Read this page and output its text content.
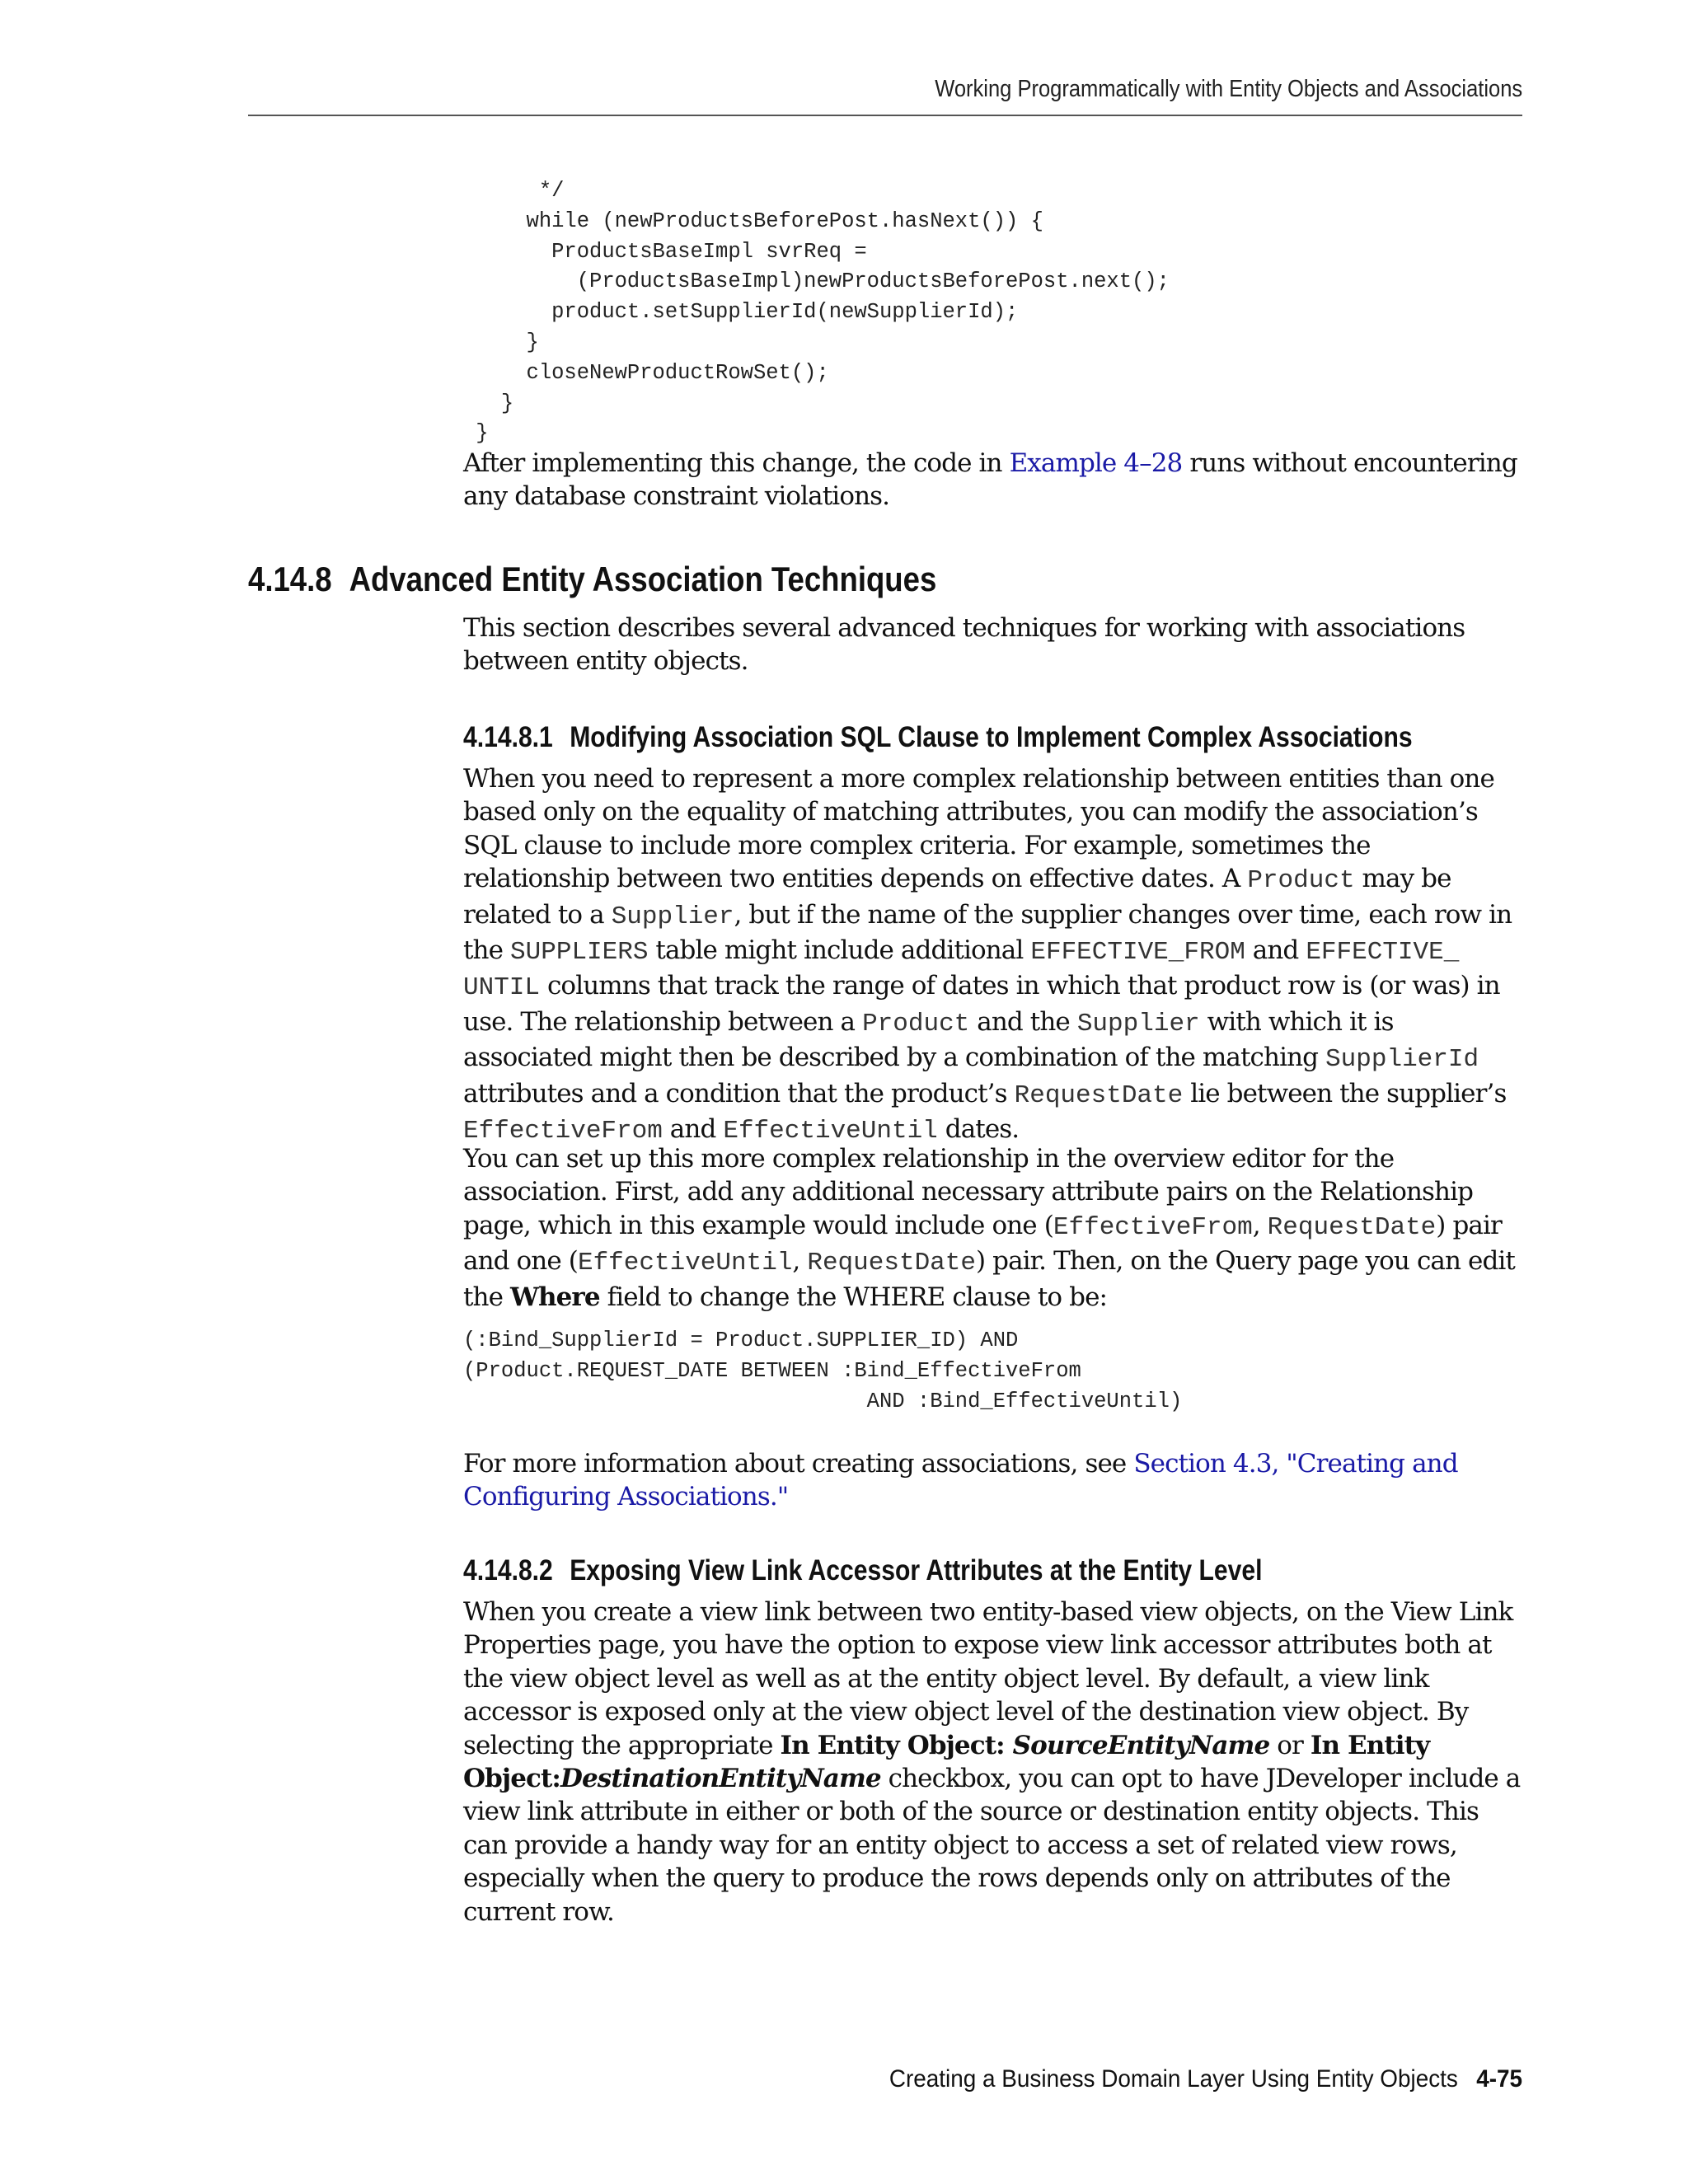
Working Programmatically with Entity Objects and Associations
*/
while (newProductsBeforePost.hasNext()) {
ProductsBaseImpl svrReq =
(ProductsBaseImpl)newProductsBeforePost.next();
product.setSupplierId(newSupplierId);
}
closeNewProductRowSet();
}
}

After implementing this change, the code in Example 4–28 runs without encountering any database constraint violations.

4.14.8 Advanced Entity Association Techniques

This section describes several advanced techniques for working with associations between entity objects.

4.14.8.1 Modifying Association SQL Clause to Implement Complex Associations

When you need to represent a more complex relationship between entities than one based only on the equality of matching attributes, you can modify the association’s SQL clause to include more complex criteria. For example, sometimes the relationship between two entities depends on effective dates. A Product may be related to a Supplier, but if the name of the supplier changes over time, each row in the SUPPLIERS table might include additional EFFECTIVE_FROM and EFFECTIVE_
UNTIL columns that track the range of dates in which that product row is (or was) in use. The relationship between a Product and the Supplier with which it is associated might then be described by a combination of the matching SupplierId attributes and a condition that the product’s RequestDate lie between the supplier’s EffectiveFrom and EffectiveUntil dates.

You can set up this more complex relationship in the overview editor for the association. First, add any additional necessary attribute pairs on the Relationship page, which in this example would include one (EffectiveFrom, RequestDate) pair and one (EffectiveUntil, RequestDate) pair. Then, on the Query page you can edit the Where field to change the WHERE clause to be:

(:Bind_SupplierId = Product.SUPPLIER_ID) AND
(Product.REQUEST_DATE BETWEEN :Bind_EffectiveFrom
AND :Bind_EffectiveUntil)

For more information about creating associations, see Section 4.3, "Creating and Configuring Associations."

4.14.8.2 Exposing View Link Accessor Attributes at the Entity Level

When you create a view link between two entity-based view objects, on the View Link Properties page, you have the option to expose view link accessor attributes both at the view object level as well as at the entity object level. By default, a view link accessor is exposed only at the view object level of the destination view object. By selecting the appropriate In Entity Object: SourceEntityName or In Entity Object:DestinationEntityName checkbox, you can opt to have JDeveloper include a view link attribute in either or both of the source or destination entity objects. This can provide a handy way for an entity object to access a set of related view rows, especially when the query to produce the rows depends only on attributes of the current row.

Creating a Business Domain Layer Using Entity Objects 4-75
